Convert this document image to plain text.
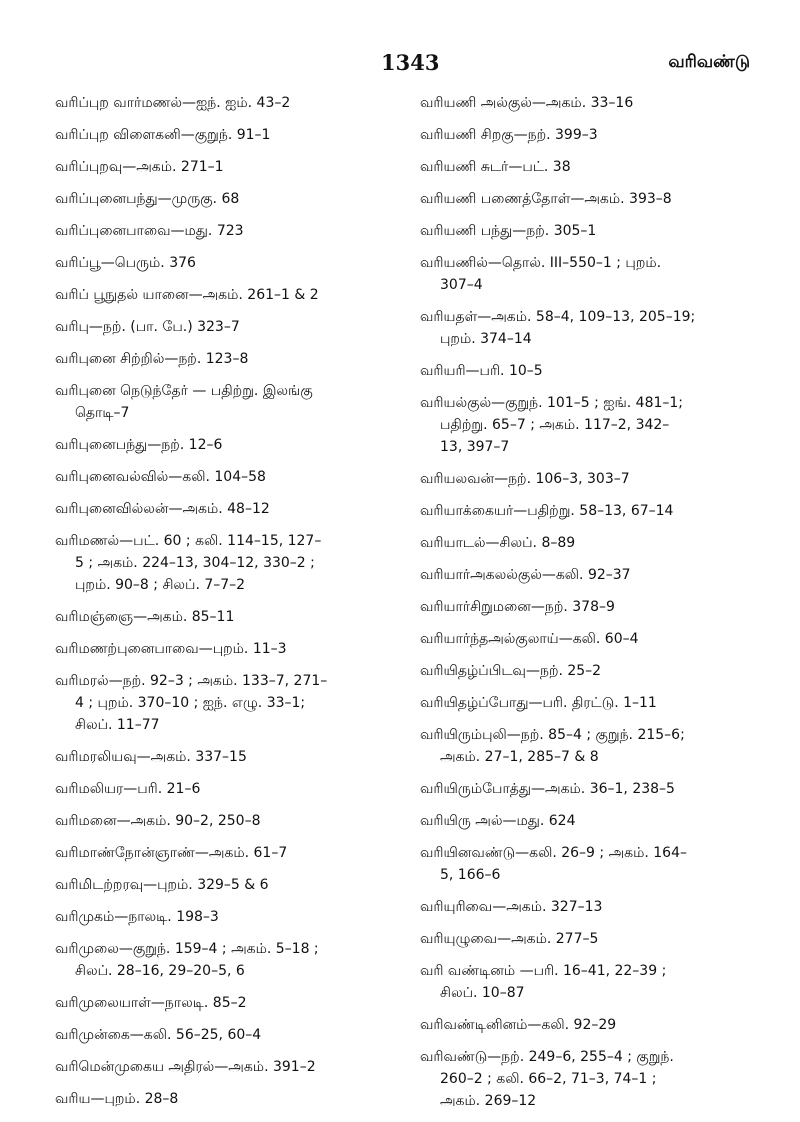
1343	வரிவண்டு
வரிப்புற வார்மணல்—ஐந். ஐம். 43–2
வரிப்புற விளைகனி—குறுந். 91–1
வரிப்புறவு—அகம். 271–1
வரிப்புனைபந்து—முருகு. 68
வரிப்புனைபாவை—மது. 723
வரிப்பூ—பெரும். 376
வரிப் பூநுதல் யானை—அகம். 261–1 & 2
வரிபு—நற். (பா. பே.) 323–7
வரிபுனை சிற்றில்—நற். 123–8
வரிபுனை நெடுந்தேர் — பதிற்று. இலங்கு
தொடி–7
வரிபுனைபந்து—நற். 12–6
வரிபுனைவல்வில்—கலி. 104–58
வரிபுனைவில்லன்—அகம். 48–12
வரிமணல்—பட். 60 ; கலி. 114–15, 127–
5 ; அகம். 224–13, 304–12, 330–2 ;
புறம். 90–8 ; சிலப். 7–7–2
வரிமஞ்ஞை—அகம். 85–11
வரிமணற்புனைபாவை—புறம். 11–3
வரிமரல்—நற். 92–3 ; அகம். 133–7, 271–
4 ; புறம். 370–10 ; ஐந். எழு. 33–1;
சிலப். 11–77
வரிமரலியவு—அகம். 337–15
வரிமலியர—பரி. 21–6
வரிமனை—அகம். 90–2, 250–8
வரிமாண்நோன்ஞாண்—அகம். 61–7
வரிமிடற்றரவு—புறம். 329–5 & 6
வரிமுகம்—நாலடி. 198–3
வரிமுலை—குறுந். 159–4 ; அகம். 5–18 ;
சிலப். 28–16, 29–20–5, 6
வரிமுலையாள்—நாலடி. 85–2
வரிமுன்கை—கலி. 56–25, 60–4
வரிமென்முகைய அதிரல்—அகம். 391–2
வரிய—புறம். 28–8
வரியணி அல்குல்—அகம். 33–16
வரியணி சிறகு—நற். 399–3
வரியணி சுடர்—பட். 38
வரியணி பணைத்தோள்—அகம். 393–8
வரியணி பந்து—நற். 305–1
வரியணில்—தொல். III–550–1 ; புறம்.
307–4
வரியதள்—அகம். 58–4, 109–13, 205–19;
புறம். 374–14
வரியரி—பரி. 10–5
வரியல்குல்—குறுந். 101–5 ; ஐங். 481–1;
பதிற்று. 65–7 ; அகம். 117–2, 342–
13, 397–7
வரியலவன்—நற். 106–3, 303–7
வரியாக்கையர்—பதிற்று. 58–13, 67–14
வரியாடல்—சிலப். 8–89
வரியார்அகலல்குல்—கலி. 92–37
வரியார்சிறுமனை—நற். 378–9
வரியார்ந்தஅல்குலாய்—கலி. 60–4
வரியிதழ்ப்பிடவு—நற். 25–2
வரியிதழ்ப்போது—பரி. திரட்டு. 1–11
வரியிரும்புலி—நற். 85–4 ; குறுந். 215–6;
அகம். 27–1, 285–7 & 8
வரியிரும்போத்து—அகம். 36–1, 238–5
வரியிரு அல்—மது. 624
வரியினவண்டு—கலி. 26–9 ; அகம். 164–
5, 166–6
வரியுரிவை—அகம். 327–13
வரியுழுவை—அகம். 277–5
வரி வண்டினம் —பரி. 16–41, 22–39 ;
சிலப். 10–87
வரிவண்டினினம்—கலி. 92–29
வரிவண்டு—நற். 249–6, 255–4 ; குறுந்.
260–2 ; கலி. 66–2, 71–3, 74–1 ;
அகம். 269–12
